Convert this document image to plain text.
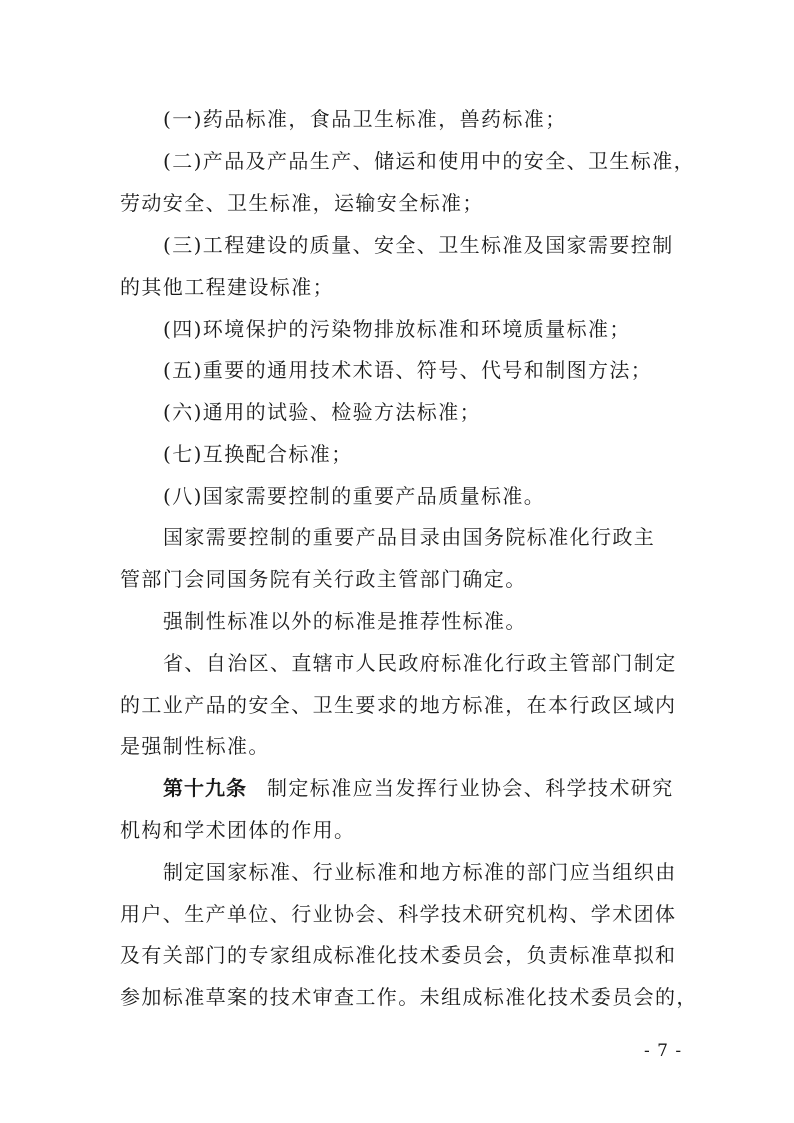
(一)药品标准，食品卫生标准，兽药标准；
(二)产品及产品生产、储运和使用中的安全、卫生标准，
劳动安全、卫生标准，运输安全标准；
(三)工程建设的质量、安全、卫生标准及国家需要控制
的其他工程建设标准；
(四)环境保护的污染物排放标准和环境质量标准；
(五)重要的通用技术术语、符号、代号和制图方法；
(六)通用的试验、检验方法标准；
(七)互换配合标准；
(八)国家需要控制的重要产品质量标准。
国家需要控制的重要产品目录由国务院标准化行政主
管部门会同国务院有关行政主管部门确定。
强制性标准以外的标准是推荐性标准。
省、自治区、直辖市人民政府标准化行政主管部门制定
的工业产品的安全、卫生要求的地方标准，在本行政区域内
是强制性标准。
第十九条 制定标准应当发挥行业协会、科学技术研究
机构和学术团体的作用。
制定国家标准、行业标准和地方标准的部门应当组织由
用户、生产单位、行业协会、科学技术研究机构、学术团体
及有关部门的专家组成标准化技术委员会，负责标准草拟和
参加标准草案的技术审查工作。未组成标准化技术委员会的，
- 7 -
